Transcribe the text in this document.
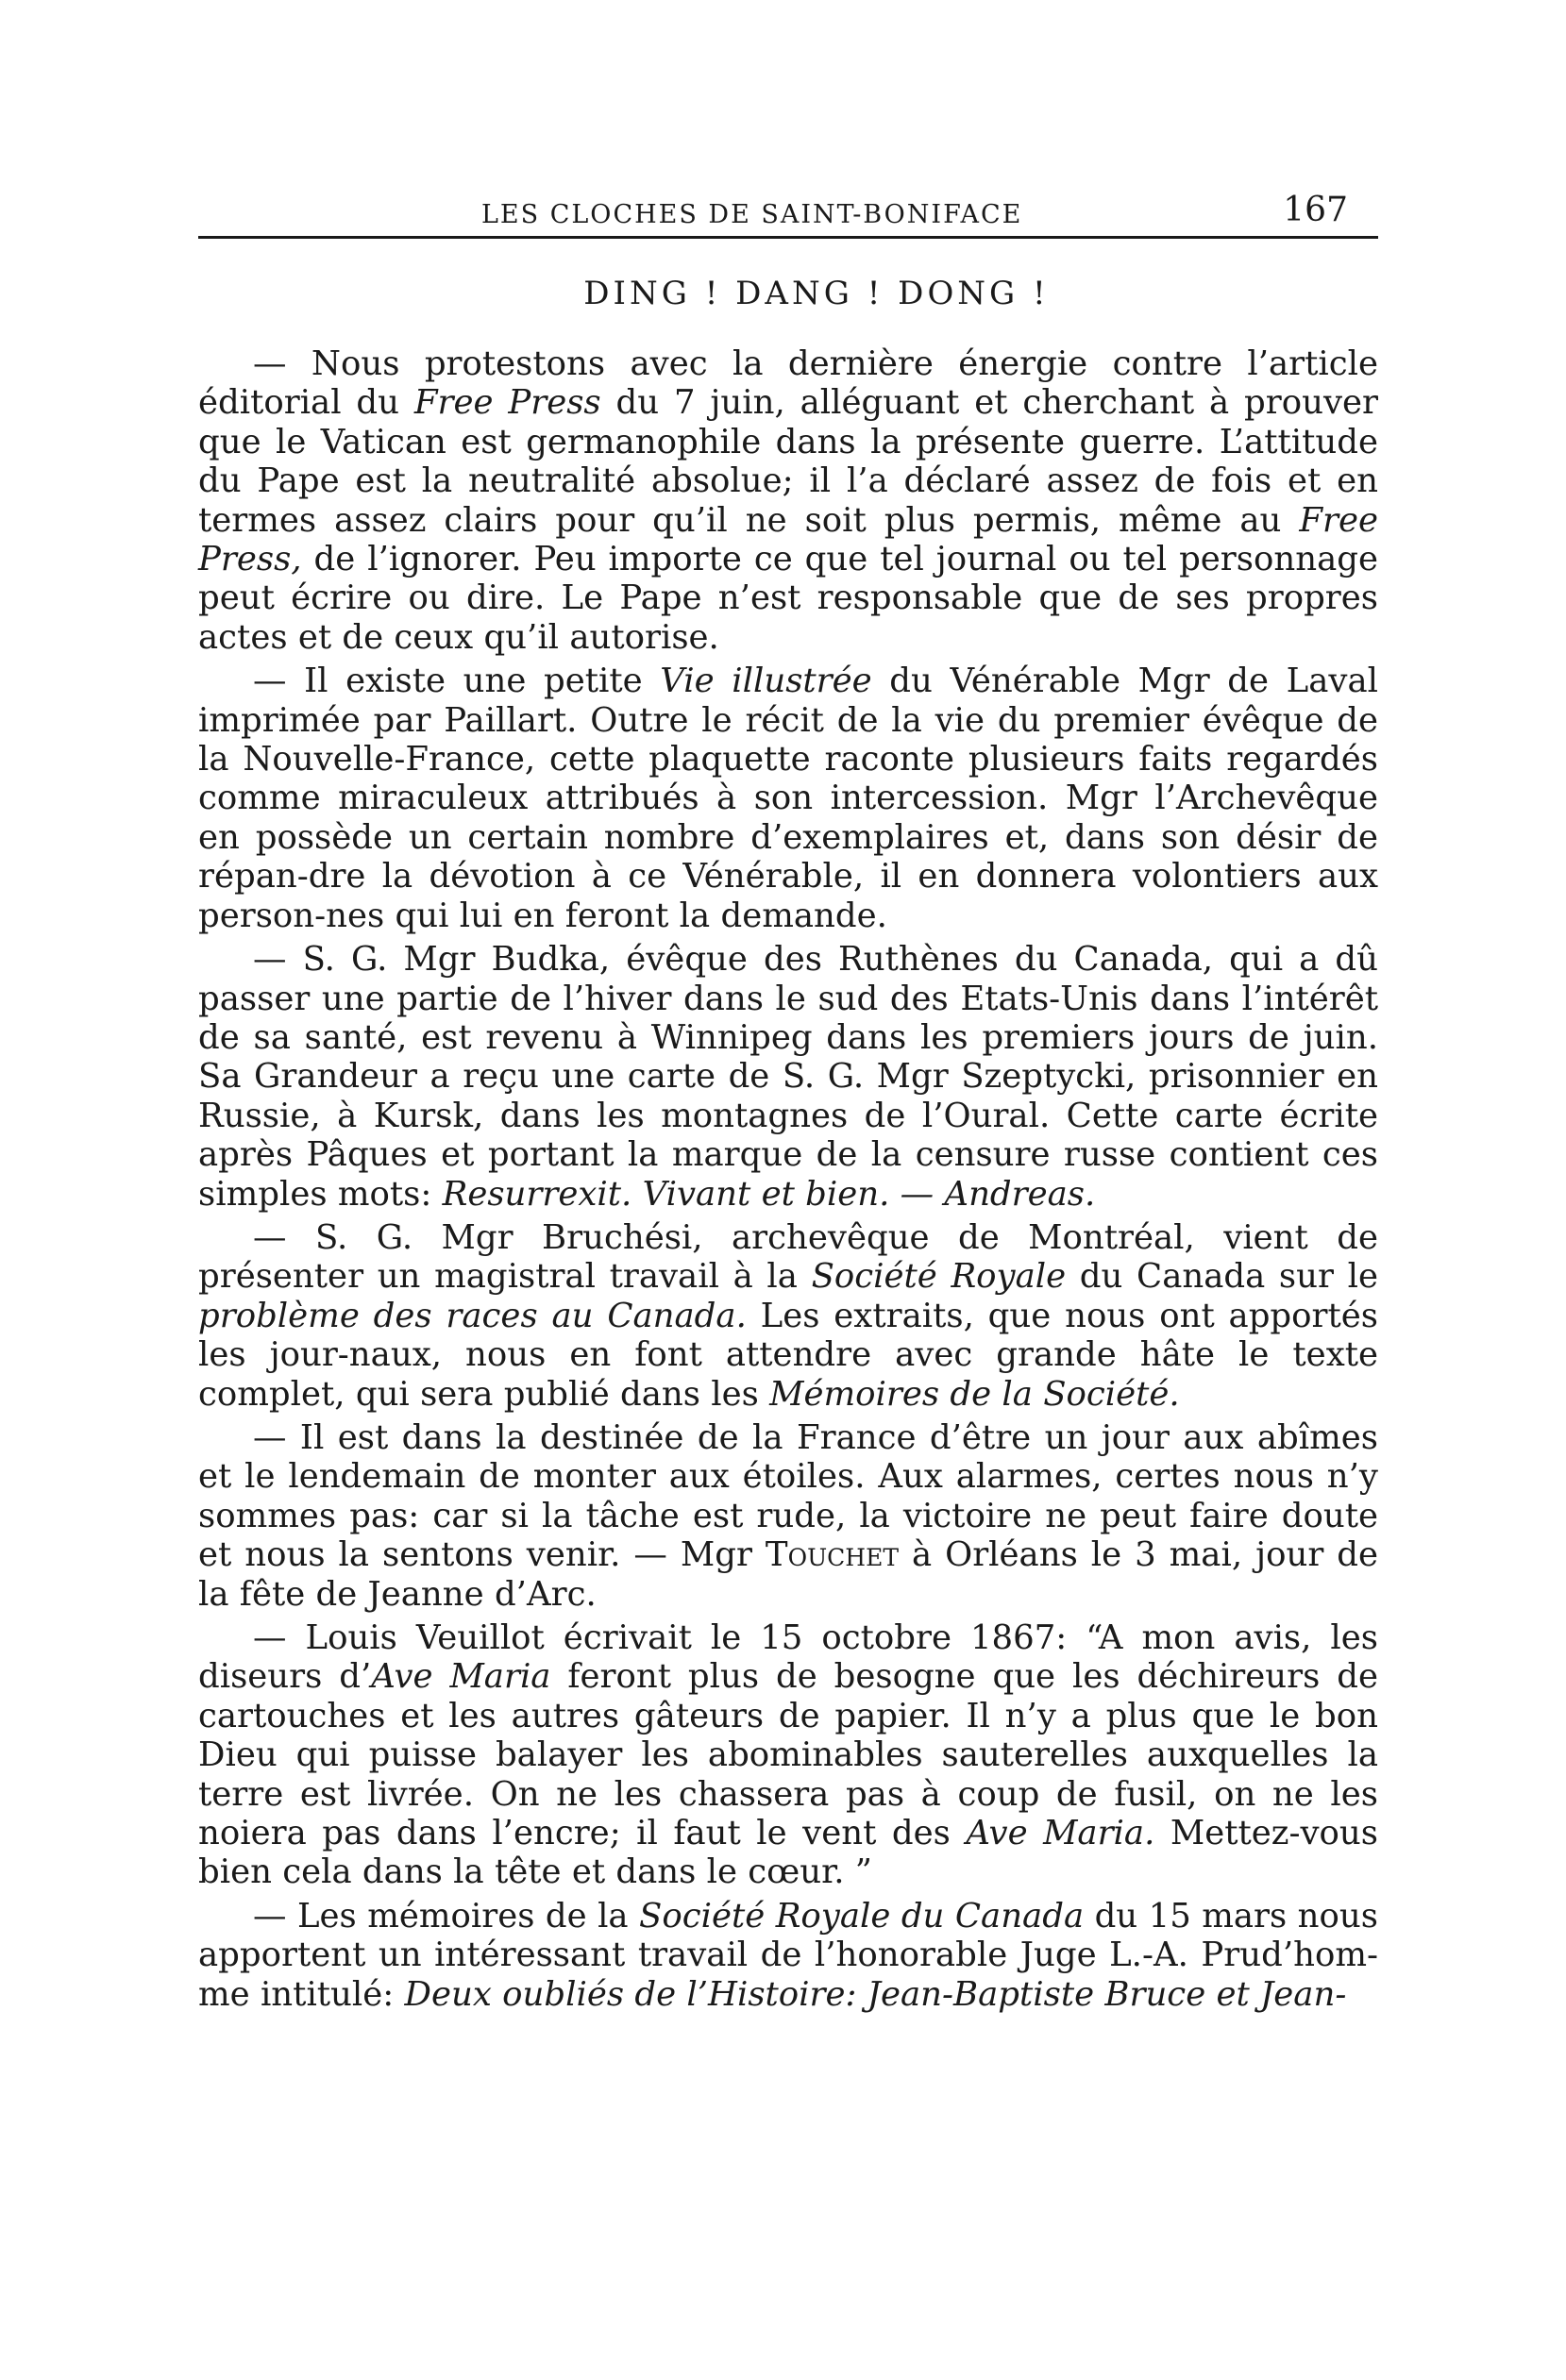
LES CLOCHES DE SAINT-BONIFACE	167
DING ! DANG ! DONG !

— Nous protestons avec la dernière énergie contre l’article éditorial du Free Press du 7 juin, alléguant et cherchant à prouver que le Vatican est germanophile dans la présente guerre. L’attitude du Pape est la neutralité absolue; il l’a déclaré assez de fois et en termes assez clairs pour qu’il ne soit plus permis, même au Free Press, de l’ignorer. Peu importe ce que tel journal ou tel personnage peut écrire ou dire. Le Pape n’est responsable que de ses propres actes et de ceux qu’il autorise.

— Il existe une petite Vie illustrée du Vénérable Mgr de Laval imprimée par Paillart. Outre le récit de la vie du premier évêque de la Nouvelle-France, cette plaquette raconte plusieurs faits regardés comme miraculeux attribués à son intercession. Mgr l’Archevêque en possède un certain nombre d’exemplaires et, dans son désir de répan-dre la dévotion à ce Vénérable, il en donnera volontiers aux person-nes qui lui en feront la demande.

— S. G. Mgr Budka, évêque des Ruthènes du Canada, qui a dû passer une partie de l’hiver dans le sud des Etats-Unis dans l’intérêt de sa santé, est revenu à Winnipeg dans les premiers jours de juin. Sa Grandeur a reçu une carte de S. G. Mgr Szeptycki, prisonnier en Russie, à Kursk, dans les montagnes de l’Oural. Cette carte écrite après Pâques et portant la marque de la censure russe contient ces simples mots: Resurrexit. Vivant et bien. — Andreas.

— S. G. Mgr Bruchési, archevêque de Montréal, vient de présenter un magistral travail à la Société Royale du Canada sur le problème des races au Canada. Les extraits, que nous ont apportés les jour-naux, nous en font attendre avec grande hâte le texte complet, qui sera publié dans les Mémoires de la Société.

— Il est dans la destinée de la France d’être un jour aux abîmes et le lendemain de monter aux étoiles. Aux alarmes, certes nous n’y sommes pas: car si la tâche est rude, la victoire ne peut faire doute et nous la sentons venir. — Mgr Touchet à Orléans le 3 mai, jour de la fête de Jeanne d’Arc.

— Louis Veuillot écrivait le 15 octobre 1867: “A mon avis, les diseurs d’Ave Maria feront plus de besogne que les déchireurs de cartouches et les autres gâteurs de papier. Il n’y a plus que le bon Dieu qui puisse balayer les abominables sauterelles auxquelles la terre est livrée. On ne les chassera pas à coup de fusil, on ne les noiera pas dans l’encre; il faut le vent des Ave Maria. Mettez-vous bien cela dans la tête et dans le cœur. ”

— Les mémoires de la Société Royale du Canada du 15 mars nous apportent un intéressant travail de l’honorable Juge L.-A. Prud’hom-me intitulé: Deux oubliés de l’Histoire: Jean-Baptiste Bruce et Jean-
